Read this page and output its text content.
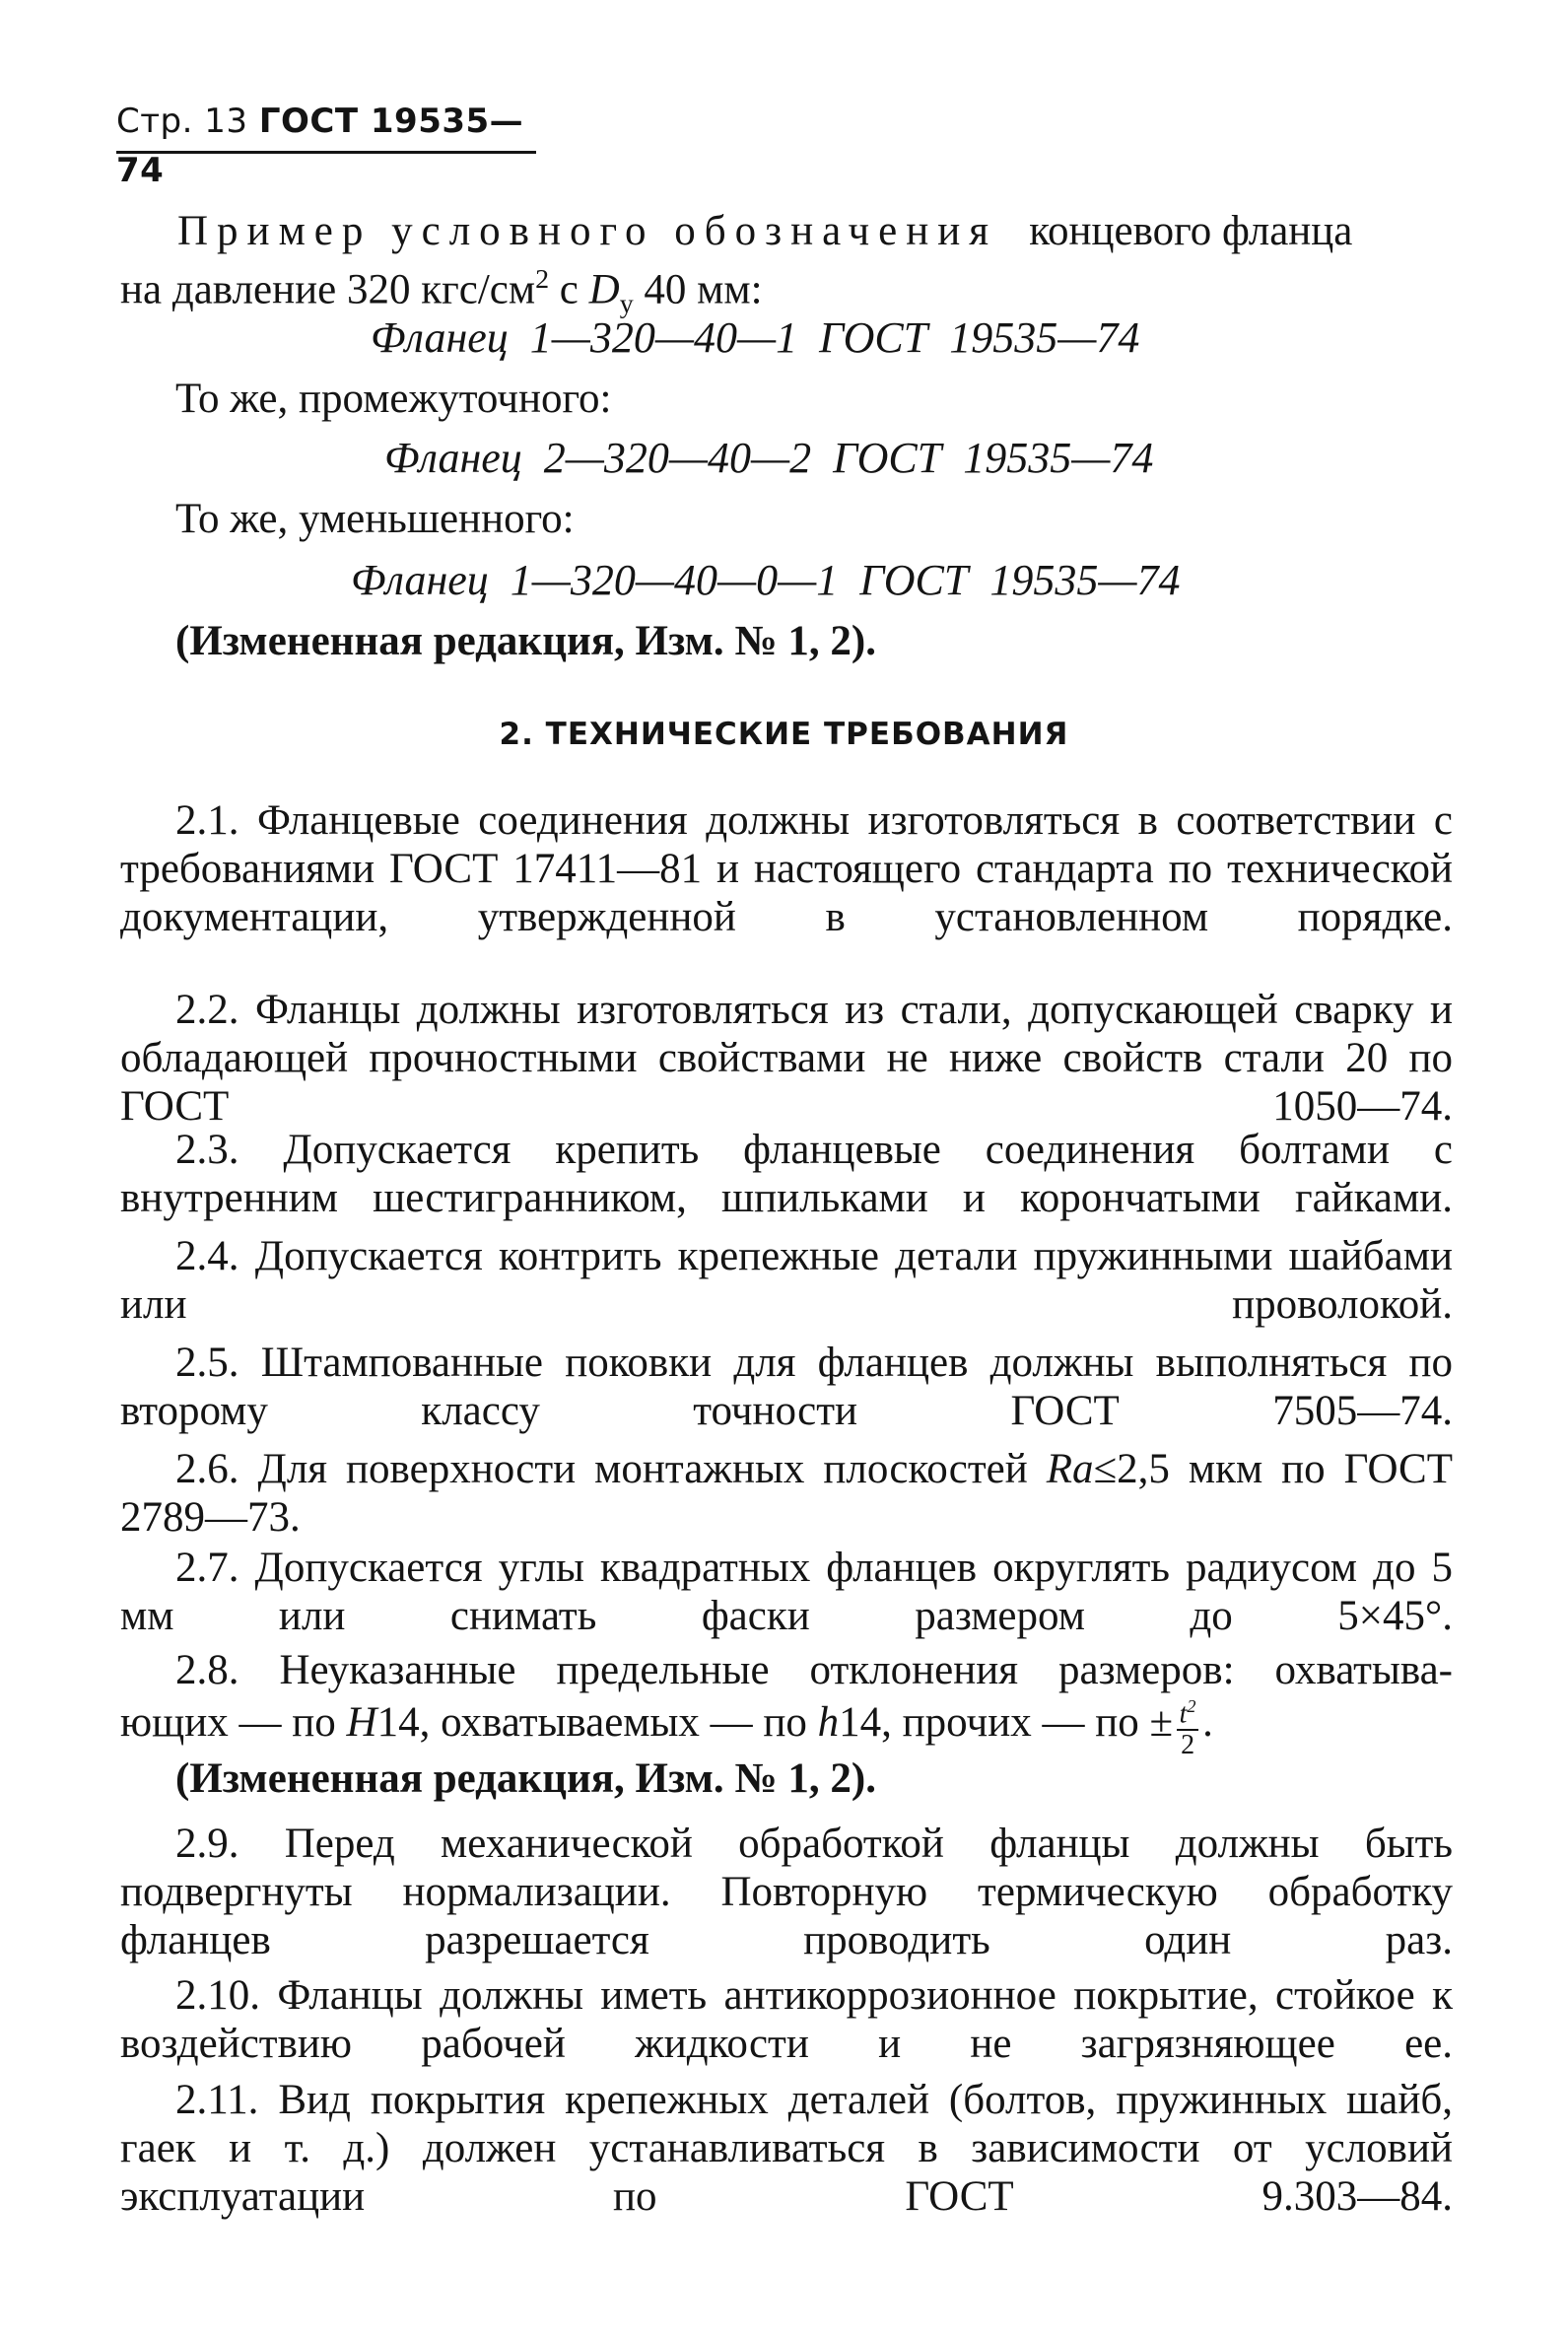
Стр. 13 ГОСТ 19535—74
Пример условного обозначения концевого фланца
на давление 320 кгс/$см^2$ с $D_у$ 40 мм:
Фланец  1—320—40—1  ГОСТ  19535—74
То же, промежуточного:
Фланец  2—320—40—2  ГОСТ  19535—74
То же, уменьшенного:
Фланец  1—320—40—0—1  ГОСТ  19535—74
(Измененная редакция, Изм. № 1, 2).
2. ТЕХНИЧЕСКИЕ ТРЕБОВАНИЯ
2.1. Фланцевые соединения должны изготовляться в соответствии с требованиями ГОСТ 17411—81 и настоящего стандарта по технической документации, утвержденной в установленном порядке.
2.2. Фланцы должны изготовляться из стали, допускающей сварку и обладающей прочностными свойствами не ниже свойств стали 20 по ГОСТ 1050—74.
2.3. Допускается крепить фланцевые соединения болтами с внутренним шестигранником, шпильками и корончатыми гайками.
2.4. Допускается контрить крепежные детали пружинными шайбами или проволокой.
2.5. Штампованные поковки для фланцев должны выполняться по второму классу точности ГОСТ 7505—74.
2.6. Для поверхности монтажных плоскостей Ra≤2,5 мкм по ГОСТ 2789—73.
2.7. Допускается углы квадратных фланцев округлять радиусом до 5 мм или снимать фаски размером до 5×45°.
2.8. Неуказанные предельные отклонения размеров: охватыва-
ющих — по H14, охватываемых — по h14, прочих — по ± $\frac{t^2}{2}$ .
(Измененная редакция, Изм. № 1, 2).
2.9. Перед механической обработкой фланцы должны быть подвергнуты нормализации. Повторную термическую обработку фланцев разрешается проводить один раз.
2.10. Фланцы должны иметь антикоррозионное покрытие, стойкое к воздействию рабочей жидкости и не загрязняющее ее.
2.11. Вид покрытия крепежных деталей (болтов, пружинных шайб, гаек и т. д.) должен устанавливаться в зависимости от условий эксплуатации по ГОСТ 9.303—84.
